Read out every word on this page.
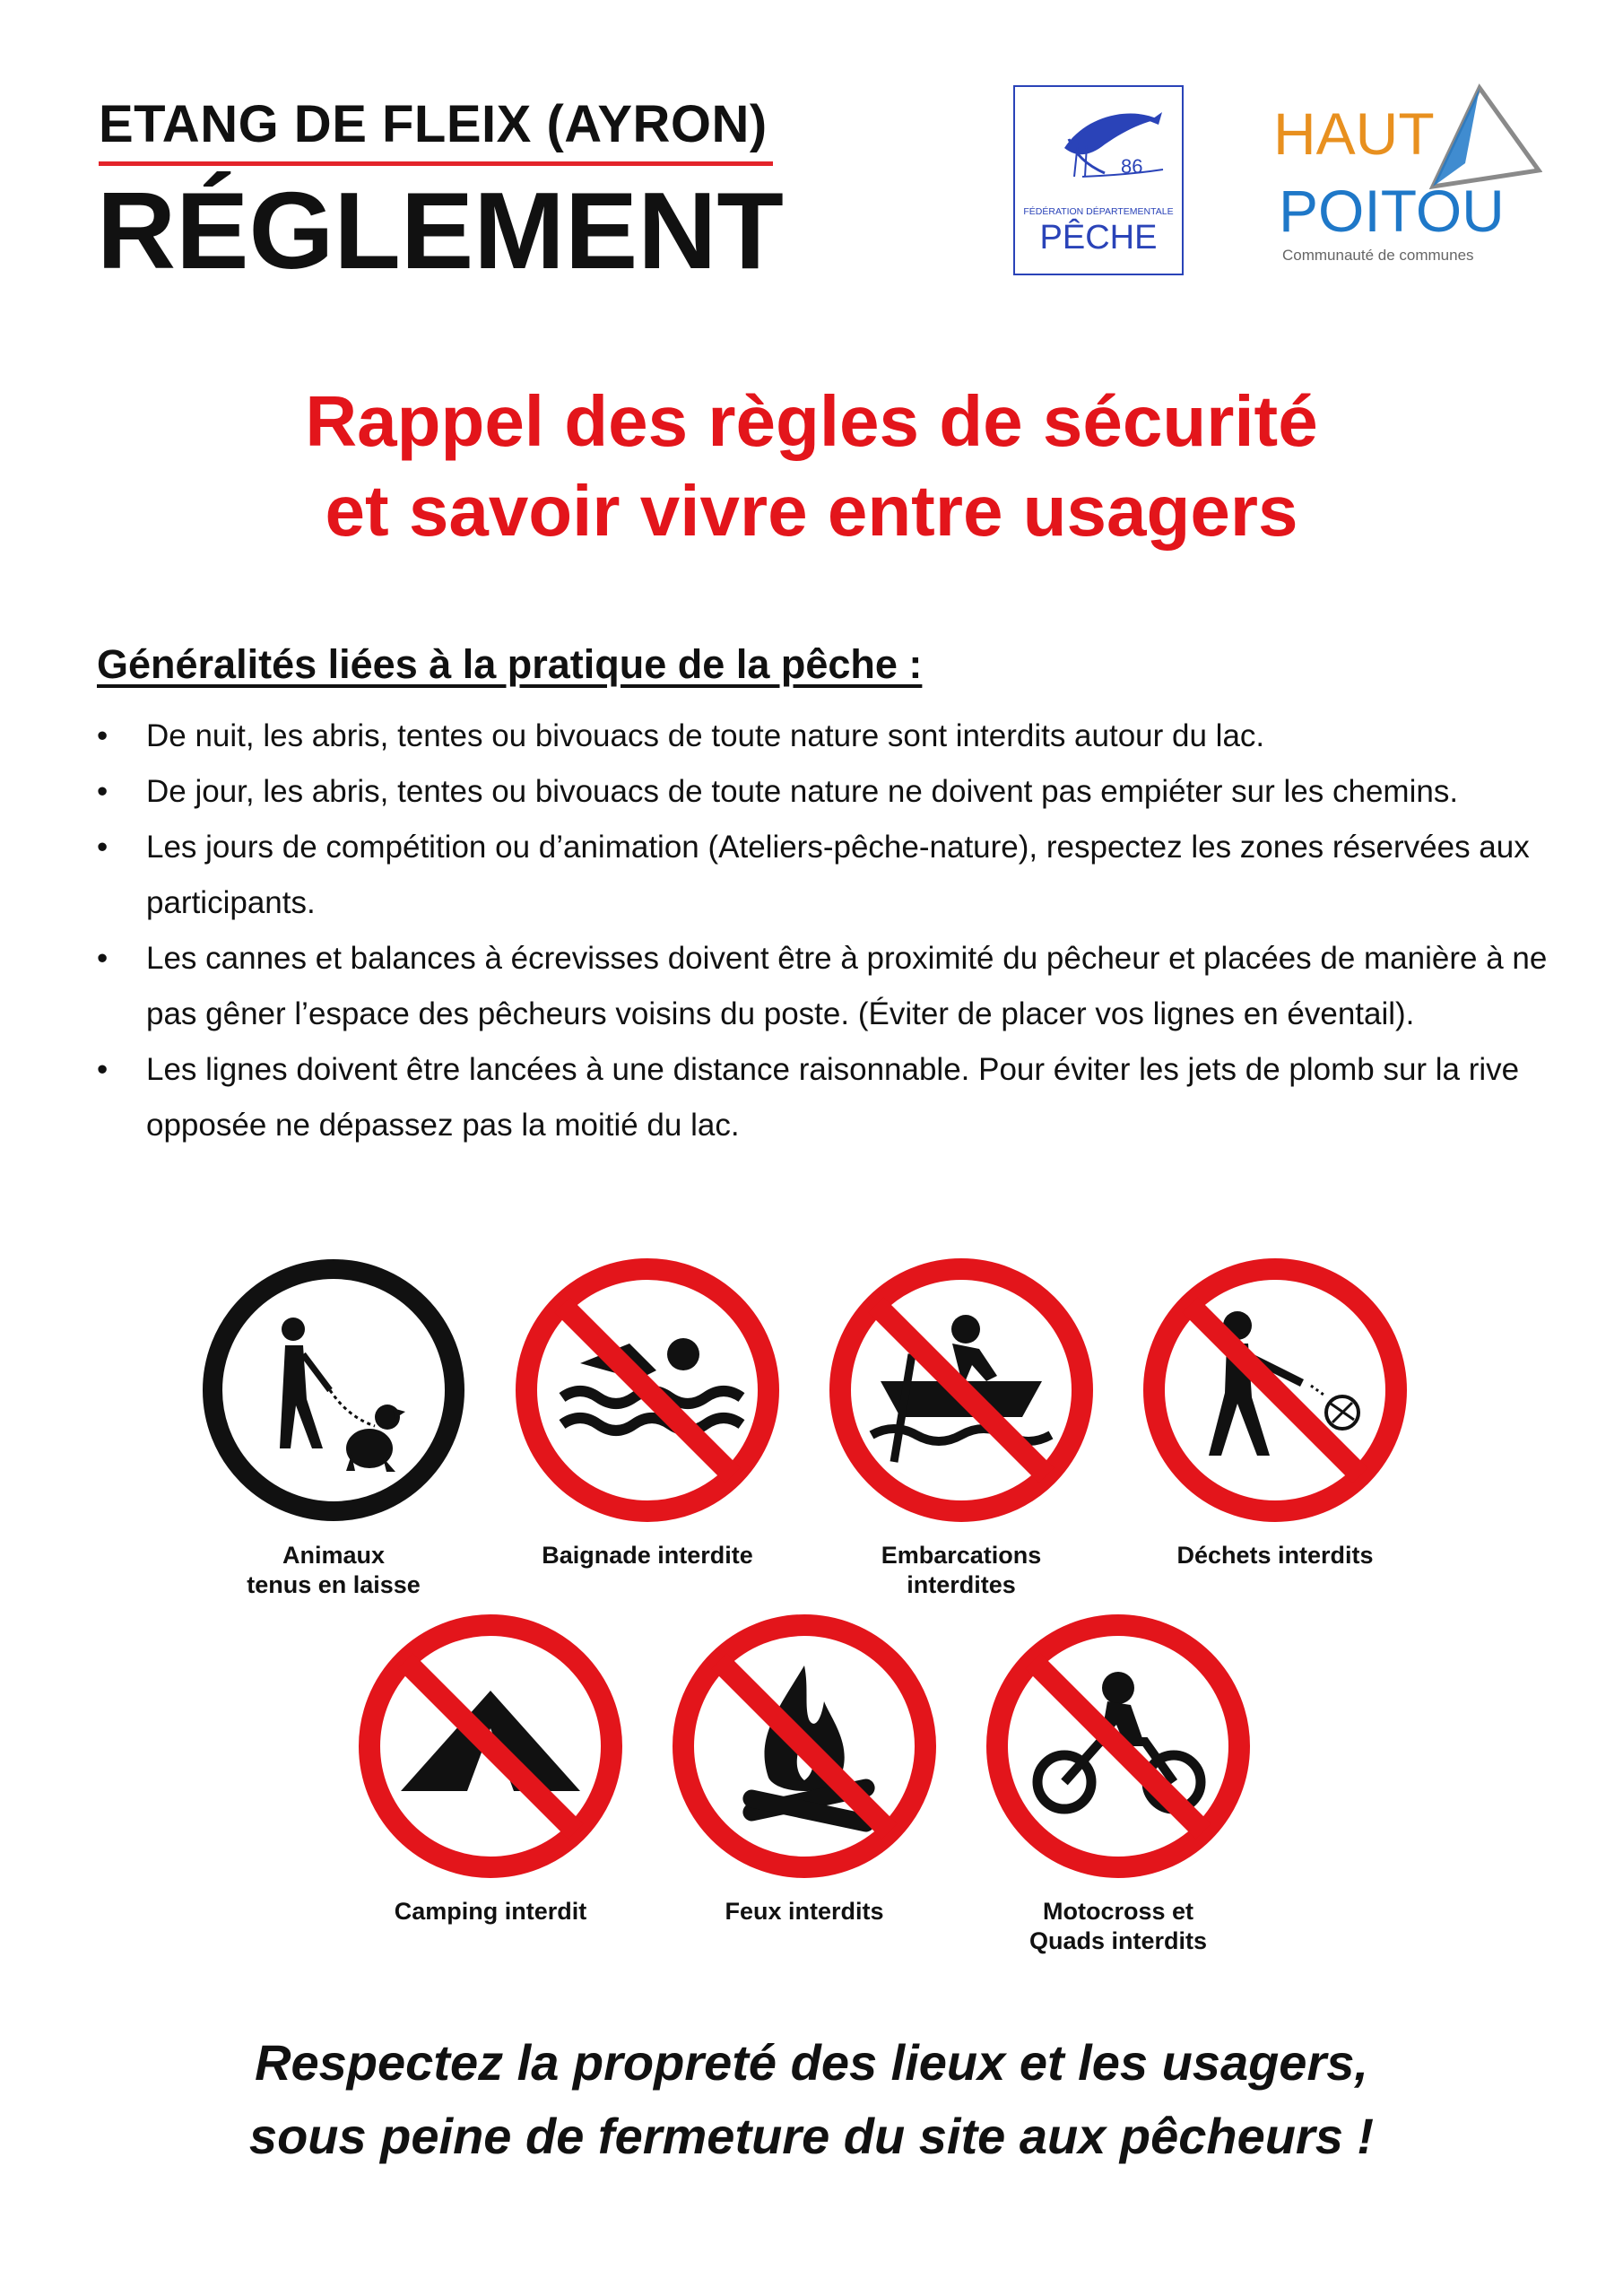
ETANG DE FLEIX (AYRON)
RÉGLEMENT
86
FÉDÉRATION DÉPARTEMENTALE
PÊCHE
HAUT
POITOU
Communauté de communes
Rappel des règles de sécurité
et savoir vivre entre usagers
Généralités liées à la pratique de la pêche :
• De nuit, les abris, tentes ou bivouacs de toute nature sont interdits autour du lac.
• De jour, les abris, tentes ou bivouacs de toute nature ne doivent pas empiéter sur les chemins.
• Les jours de compétition ou d’animation (Ateliers-pêche-nature), respectez les zones réservées aux
participants.
• Les cannes et balances à écrevisses doivent être à proximité du pêcheur et placées de manière à ne
pas gêner l’espace des pêcheurs voisins du poste. (Éviter de placer vos lignes en éventail).
• Les lignes doivent être lancées à une distance raisonnable. Pour éviter les jets de plomb sur la rive
opposée ne dépassez pas la moitié du lac.
Animaux
tenus en laisse
Baignade interdite	Embarcations
interdites
Déchets interdits
Camping interdit	Feux interdits	Motocross et
Quads interdits
Respectez la propreté des lieux et les usagers,
sous peine de fermeture du site aux pêcheurs !
